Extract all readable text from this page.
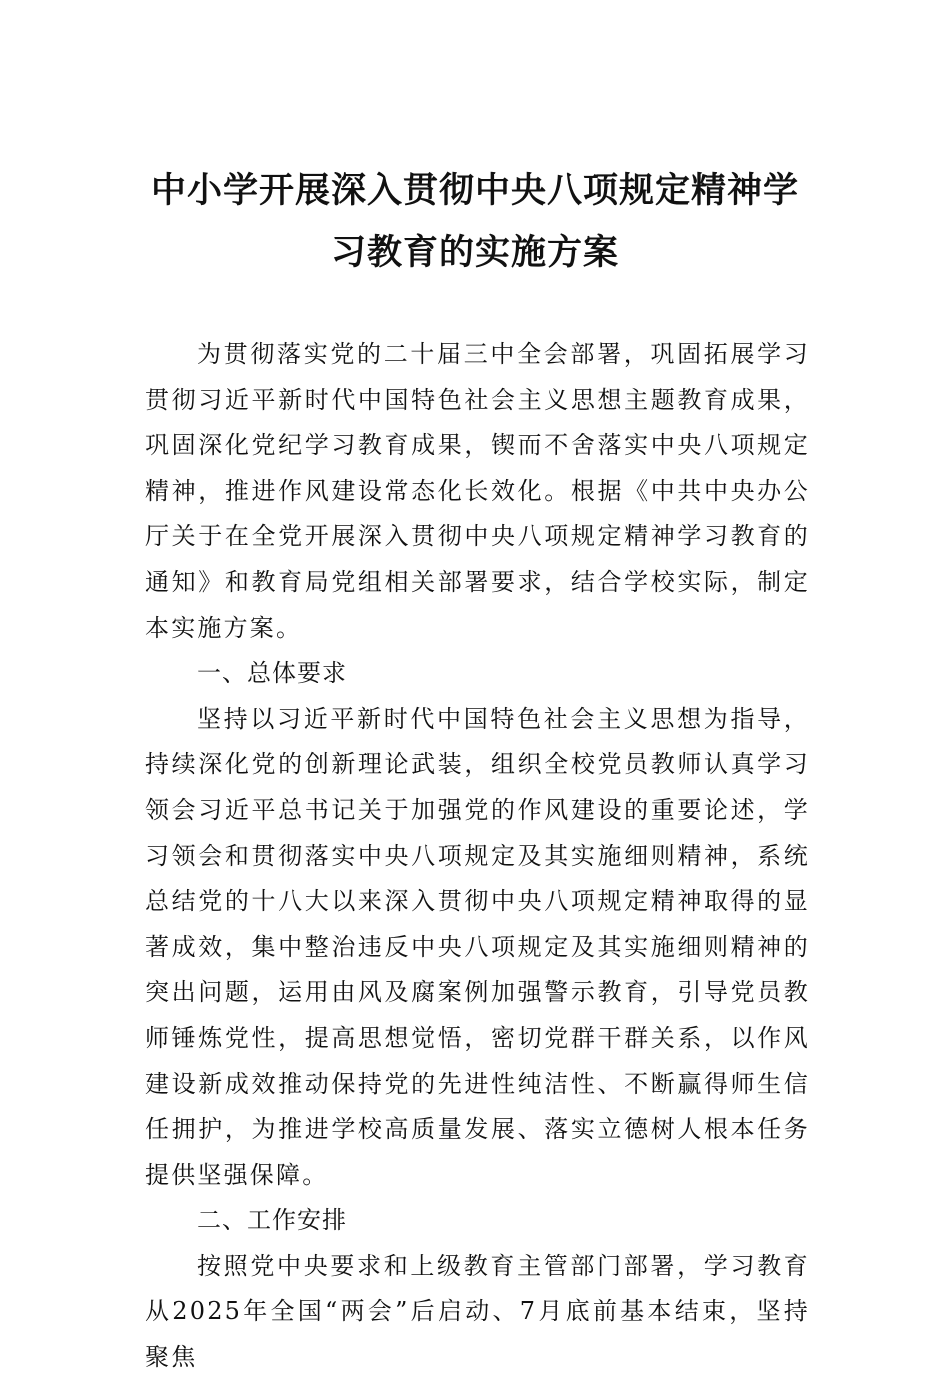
中小学开展深入贯彻中央八项规定精神学
习教育的实施方案

为贯彻落实党的二十届三中全会部署，巩固拓展学习贯彻习近平新时代中国特色社会主义思想主题教育成果，巩固深化党纪学习教育成果，锲而不舍落实中央八项规定精神，推进作风建设常态化长效化。根据《中共中央办公厅关于在全党开展深入贯彻中央八项规定精神学习教育的通知》和教育局党组相关部署要求，结合学校实际，制定本实施方案。

一、总体要求

坚持以习近平新时代中国特色社会主义思想为指导，持续深化党的创新理论武装，组织全校党员教师认真学习领会习近平总书记关于加强党的作风建设的重要论述，学习领会和贯彻落实中央八项规定及其实施细则精神，系统总结党的十八大以来深入贯彻中央八项规定精神取得的显著成效，集中整治违反中央八项规定及其实施细则精神的突出问题，运用由风及腐案例加强警示教育，引导党员教师锤炼党性，提高思想觉悟，密切党群干群关系，以作风建设新成效推动保持党的先进性纯洁性、不断赢得师生信任拥护，为推进学校高质量发展、落实立德树人根本任务提供坚强保障。

二、工作安排

按照党中央要求和上级教育主管部门部署，学习教育从2025年全国“两会”后启动、7月底前基本结束，坚持聚焦
